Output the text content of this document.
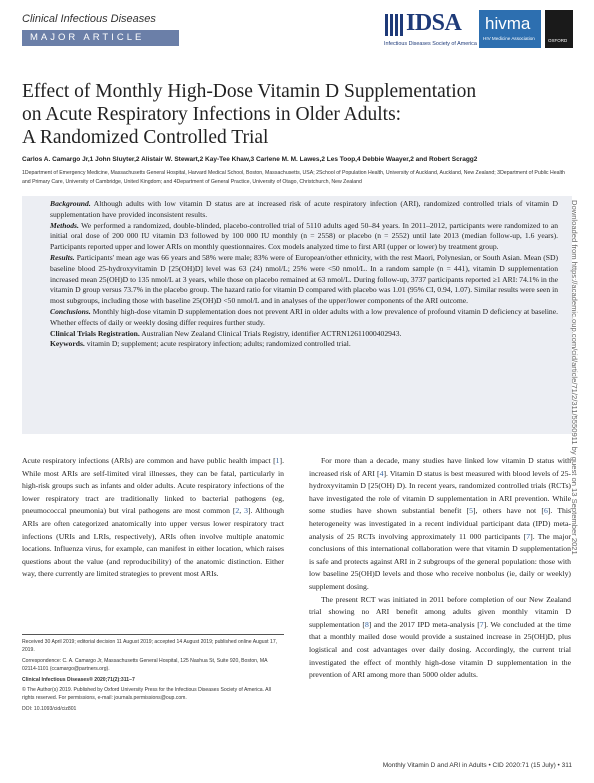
Clinical Infectious Diseases
MAJOR ARTICLE
IDSA
Infectious Diseases Society of America
hivma
HIV Medicine Association	OXFORD
Effect of Monthly High-Dose Vitamin D Supplementation
on Acute Respiratory Infections in Older Adults:
A Randomized Controlled Trial
Carlos A. Camargo Jr,1 John Sluyter,2 Alistair W. Stewart,2 Kay-Tee Khaw,3 Carlene M. M. Lawes,2 Les Toop,4 Debbie Waayer,2 and Robert Scragg2
1Department of Emergency Medicine, Massachusetts General Hospital, Harvard Medical School, Boston, Massachusetts, USA; 2School of Population Health, University of Auckland, Auckland, New Zealand; 3Department of Public Health and Primary Care, University of Cambridge, United Kingdom; and 4Department of General Practice, University of Otago, Christchurch, New Zealand

Background. Although adults with low vitamin D status are at increased risk of acute respiratory infection (ARI), randomized controlled trials of vitamin D supplementation have provided inconsistent results.

Methods. We performed a randomized, double-blinded, placebo-controlled trial of 5110 adults aged 50–84 years. In 2011–2012, participants were randomized to an initial oral dose of 200 000 IU vitamin D3 followed by 100 000 IU monthly (n = 2558) or placebo (n = 2552) until late 2013 (median follow-up, 1.6 years). Participants reported upper and lower ARIs on monthly questionnaires. Cox models analyzed time to first ARI (upper or lower) by treatment group.

Results. Participants' mean age was 66 years and 58% were male; 83% were of European/other ethnicity, with the rest Maori, Polynesian, or South Asian. Mean (SD) baseline blood 25-hydroxyvitamin D [25(OH)D] level was 63 (24) nmol/L; 25% were <50 nmol/L. In a random sample (n = 441), vitamin D supplementation increased mean 25(OH)D to 135 nmol/L at 3 years, while those on placebo remained at 63 nmol/L. During follow-up, 3737 participants reported ≥1 ARI: 74.1% in the vitamin D group versus 73.7% in the placebo group. The hazard ratio for vitamin D compared with placebo was 1.01 (95% CI, 0.94, 1.07). Similar results were seen in most subgroups, including those with baseline 25(OH)D <50 nmol/L and in analyses of the upper/lower components of the ARI outcome.

Conclusions. Monthly high-dose vitamin D supplementation does not prevent ARI in older adults with a low prevalence of profound vitamin D deficiency at baseline. Whether effects of daily or weekly dosing differ requires further study.

Clinical Trials Registration. Australian New Zealand Clinical Trials Registry, identifier ACTRN12611000402943.

Keywords. vitamin D; supplement; acute respiratory infection; adults; randomized controlled trial.

Acute respiratory infections (ARIs) are common and have public health impact [1]. While most ARIs are self-limited viral illnesses, they can be fatal, particularly in high-risk groups such as infants and older adults. Acute respiratory infections of the lower respiratory tract are traditionally linked to bacterial pathogens (eg, pneumococcal pneumonia) but viral pathogens are most common [2, 3]. Although ARIs are often categorized anatomically into upper versus lower respiratory tract infections (URIs and LRIs, respectively), ARIs often involve multiple anatomic locations. Influenza virus, for example, can manifest in either location, which raises questions about the value (and reproducibility) of the anatomic distinction. Either way, there currently are limited strategies to prevent most ARIs.

For more than a decade, many studies have linked low vitamin D status with increased risk of ARI [4]. Vitamin D status is best measured with blood levels of 25-hydroxyvitamin D [25(OH) D). In recent years, randomized controlled trials (RCTs) have investigated the role of vitamin D supplementation in ARI prevention. While some studies have shown substantial benefit [5], others have not [6]. This heterogeneity was investigated in a recent individual participant data (IPD) meta-analysis of 25 RCTs involving approximately 11 000 participants [7]. The major conclusions of this international collaboration were that vitamin D supplementation is safe and protects against ARI in 2 subgroups of the general population: those with low baseline 25(OH)D levels and those who receive nonbolus (ie, daily or weekly) supplement dosing.

The present RCT was initiated in 2011 before completion of our New Zealand trial showing no ARI benefit among adults given monthly vitamin D supplementation [8] and the 2017 IPD meta-analysis [7]. We concluded at the time that a monthly mailed dose would provide a sustained increase in 25(OH)D, plus logistical and cost advantages over daily dosing. Accordingly, the current trial investigated the effect of monthly high-dose vitamin D supplementation in the prevention of ARI among more than 5000 older adults.

Received 30 April 2019; editorial decision 11 August 2019; accepted 14 August 2019; published online August 17, 2019.

Correspondence: C. A. Camargo Jr, Massachusetts General Hospital, 125 Nashua St, Suite 920, Boston, MA 02114-1101 (ccamargo@partners.org).

Clinical Infectious Diseases® 2020;71(2):311–7

© The Author(s) 2019. Published by Oxford University Press for the Infectious Diseases Society of America. All rights reserved. For permissions, e-mail: journals.permissions@oup.com.

DOI: 10.1093/cid/ciz801

Monthly Vitamin D and ARI in Adults • CID 2020:71 (15 July) • 311
Downloaded from https://academic.oup.com/cid/article/71/2/311/5550911 by guest on 13 September 2021
